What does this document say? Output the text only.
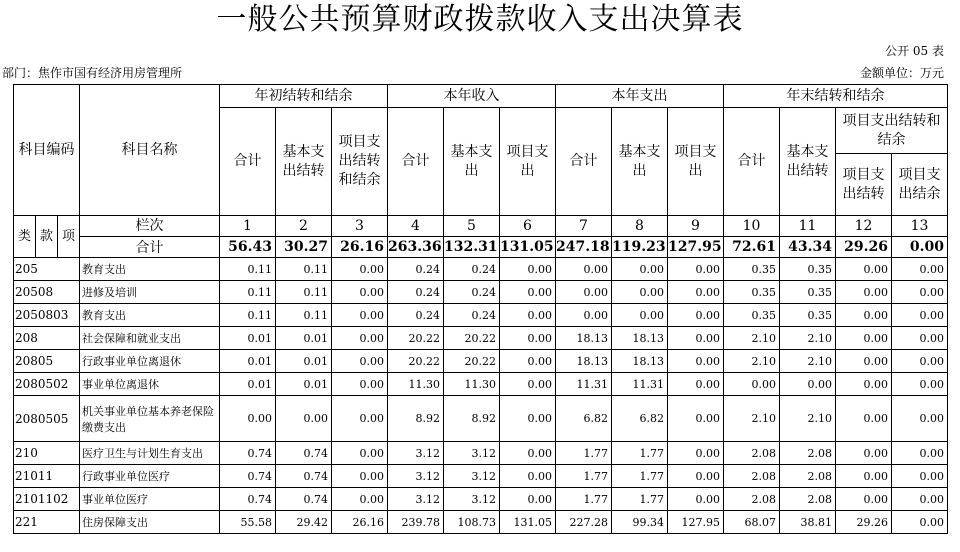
一般公共预算财政拨款收入支出决算表
公开 05 表
部门：焦作市国有经济用房管理所	金额单位：万元
科目编码			科目名称	年初结转和结余			本年收入			本年支出			年末结转和结余			
				合计	基本支出结转	项目支出结转和结余	合计	基本支出	项目支出	合计	基本支出	项目支出	合计	基本支出结转	项目支出结转和结余	
															项目支出结转	项目支出结余
类	款	项	栏次	1	2	3	4	5	6	7	8	9	10	11	12	13
			合计	56.43	30.27	26.16	263.36	132.31	131.05	247.18	119.23	127.95	72.61	43.34	29.26	0.00
205			教育支出	0.11	0.11	0.00	0.24	0.24	0.00	0.00	0.00	0.00	0.35	0.35	0.00	0.00
20508			进修及培训	0.11	0.11	0.00	0.24	0.24	0.00	0.00	0.00	0.00	0.35	0.35	0.00	0.00
2050803			教育支出	0.11	0.11	0.00	0.24	0.24	0.00	0.00	0.00	0.00	0.35	0.35	0.00	0.00
208			社会保障和就业支出	0.01	0.01	0.00	20.22	20.22	0.00	18.13	18.13	0.00	2.10	2.10	0.00	0.00
20805			行政事业单位离退休	0.01	0.01	0.00	20.22	20.22	0.00	18.13	18.13	0.00	2.10	2.10	0.00	0.00
2080502			事业单位离退休	0.01	0.01	0.00	11.30	11.30	0.00	11.31	11.31	0.00	0.00	0.00	0.00	0.00
2080505			机关事业单位基本养老保险缴费支出	0.00	0.00	0.00	8.92	8.92	0.00	6.82	6.82	0.00	2.10	2.10	0.00	0.00
210			医疗卫生与计划生育支出	0.74	0.74	0.00	3.12	3.12	0.00	1.77	1.77	0.00	2.08	2.08	0.00	0.00
21011			行政事业单位医疗	0.74	0.74	0.00	3.12	3.12	0.00	1.77	1.77	0.00	2.08	2.08	0.00	0.00
2101102			事业单位医疗	0.74	0.74	0.00	3.12	3.12	0.00	1.77	1.77	0.00	2.08	2.08	0.00	0.00
221			住房保障支出	55.58	29.42	26.16	239.78	108.73	131.05	227.28	99.34	127.95	68.07	38.81	29.26	0.00
